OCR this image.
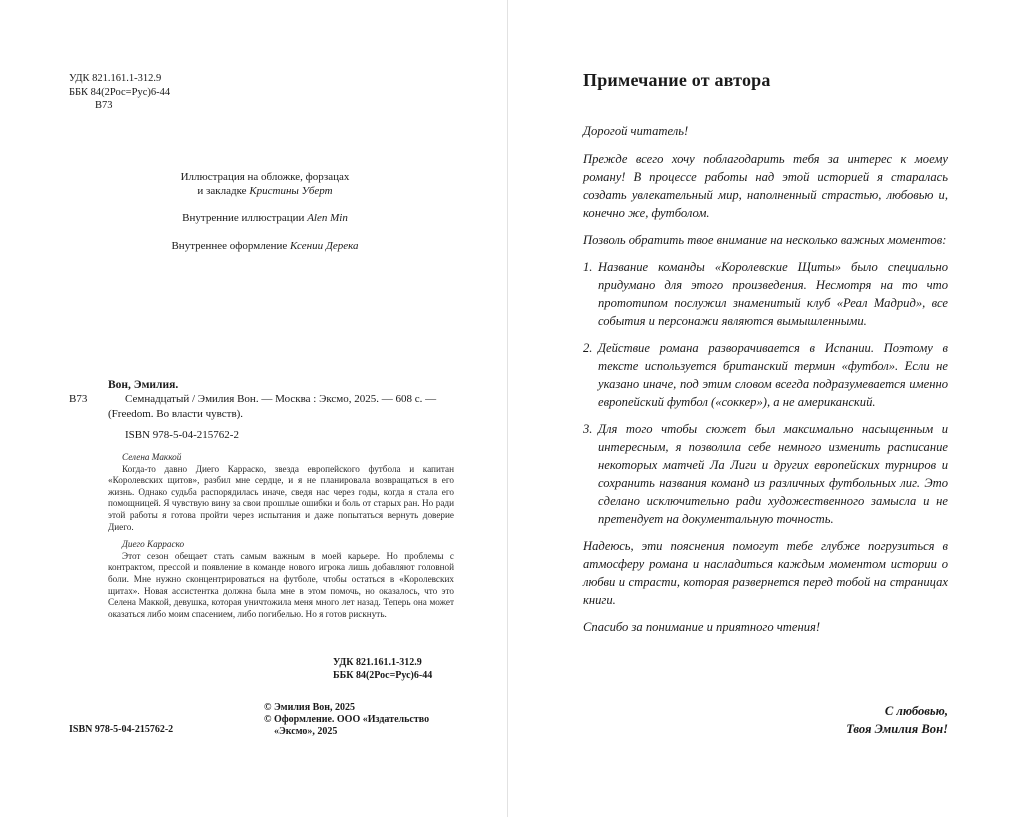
УДК 821.161.1-312.9
ББК 84(2Рос=Рус)6-44
В73

Иллюстрация на обложке, форзацах
и закладке Кристины Уберт

Внутренние иллюстрации Alen Min

Внутреннее оформление Ксении Дерека

Вон, Эмилия.
В73	Семнадцатый / Эмилия Вон. — Москва : Эксмо, 2025. — 608 с. — (Freedom. Во власти чувств).
ISBN 978-5-04-215762-2
Селена Маккой

Когда-то давно Диего Карраско, звезда европейского футбола и капитан «Королевских щитов», разбил мне сердце, и я не планировала возвращаться в его жизнь. Однако судьба распорядилась иначе, сведя нас через годы, когда я стала его помощницей. Я чувствую вину за свои прошлые ошибки и боль от старых ран. Но ради этой работы я готова пройти через испытания и даже попытаться вернуть доверие Диего.

Диего Карраско

Этот сезон обещает стать самым важным в моей карьере. Но проблемы с контрактом, прессой и появление в команде нового игрока лишь добавляют головной боли. Мне нужно сконцентрироваться на футболе, чтобы остаться в «Королевских щитах». Новая ассистентка должна была мне в этом помочь, но оказалось, что это Селена Маккой, девушка, которая уничтожила меня много лет назад. Теперь она может оказаться либо моим спасением, либо погибелью. Но я готов рискнуть.

УДК 821.161.1-312.9
ББК 84(2Рос=Рус)6-44
© Эмилия Вон, 2025
© Оформление. ООО «Издательство
«Эксмо», 2025
ISBN 978-5-04-215762-2
Примечание от автора

Дорогой читатель!

Прежде всего хочу поблагодарить тебя за интерес к моему роману! В процессе работы над этой историей я старалась создать увлекательный мир, наполненный страстью, любовью и, конечно же, футболом.

Позволь обратить твое внимание на несколько важных моментов:

1. Название команды «Королевские Щиты» было специально придумано для этого произведения. Несмотря на то что прототипом послужил знаменитый клуб «Реал Мадрид», все события и персонажи являются вымышленными.
2. Действие романа разворачивается в Испании. Поэтому в тексте используется британский термин «футбол». Если не указано иначе, под этим словом всегда подразумевается именно европейский футбол («соккер»), а не американский.
3. Для того чтобы сюжет был максимально насыщенным и интересным, я позволила себе немного изменить расписание некоторых матчей Ла Лиги и других европейских турниров и сохранить названия команд из различных футбольных лиг. Это сделано исключительно ради художественного замысла и не претендует на документальную точность.

Надеюсь, эти пояснения помогут тебе глубже погрузиться в атмосферу романа и насладиться каждым моментом истории о любви и страсти, которая развернется перед тобой на страницах книги.

Спасибо за понимание и приятного чтения!

С любовью,
Твоя Эмилия Вон!
